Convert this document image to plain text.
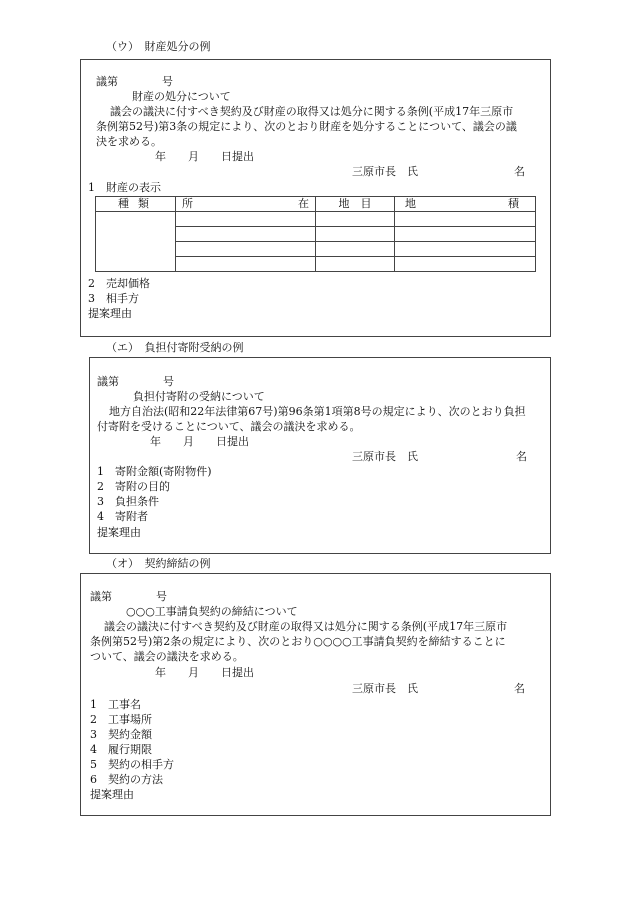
（ウ）　財産処分の例
議第　　　　号
財産の処分について
議会の議決に付すべき契約及び財産の取得又は処分に関する条例(平成17年三原市
条例第52号)第3条の規定により、次のとおり財産を処分することについて、議会の議
決を求める。
年　　月　　日提出
三原市長　氏	名
1　財産の表示
種 類	所 在	地　目	地 積

2　売却価格
3　相手方
提案理由
（エ）　負担付寄附受納の例
議第　　　　号
負担付寄附の受納について
地方自治法(昭和22年法律第67号)第96条第1項第8号の規定により、次のとおり負担
付寄附を受けることについて、議会の議決を求める。
年　　月　　日提出
三原市長　氏	名
1　寄附金額(寄附物件)
2　寄附の目的
3　負担条件
4　寄附者
提案理由
（オ）　契約締結の例
議第　　　　号
○○○工事請負契約の締結について
議会の議決に付すべき契約及び財産の取得又は処分に関する条例(平成17年三原市
条例第52号)第2条の規定により、次のとおり○○○○工事請負契約を締結することに
ついて、議会の議決を求める。
年　　月　　日提出
三原市長　氏	名
1　工事名
2　工事場所
3　契約金額
4　履行期限
5　契約の相手方
6　契約の方法
提案理由
